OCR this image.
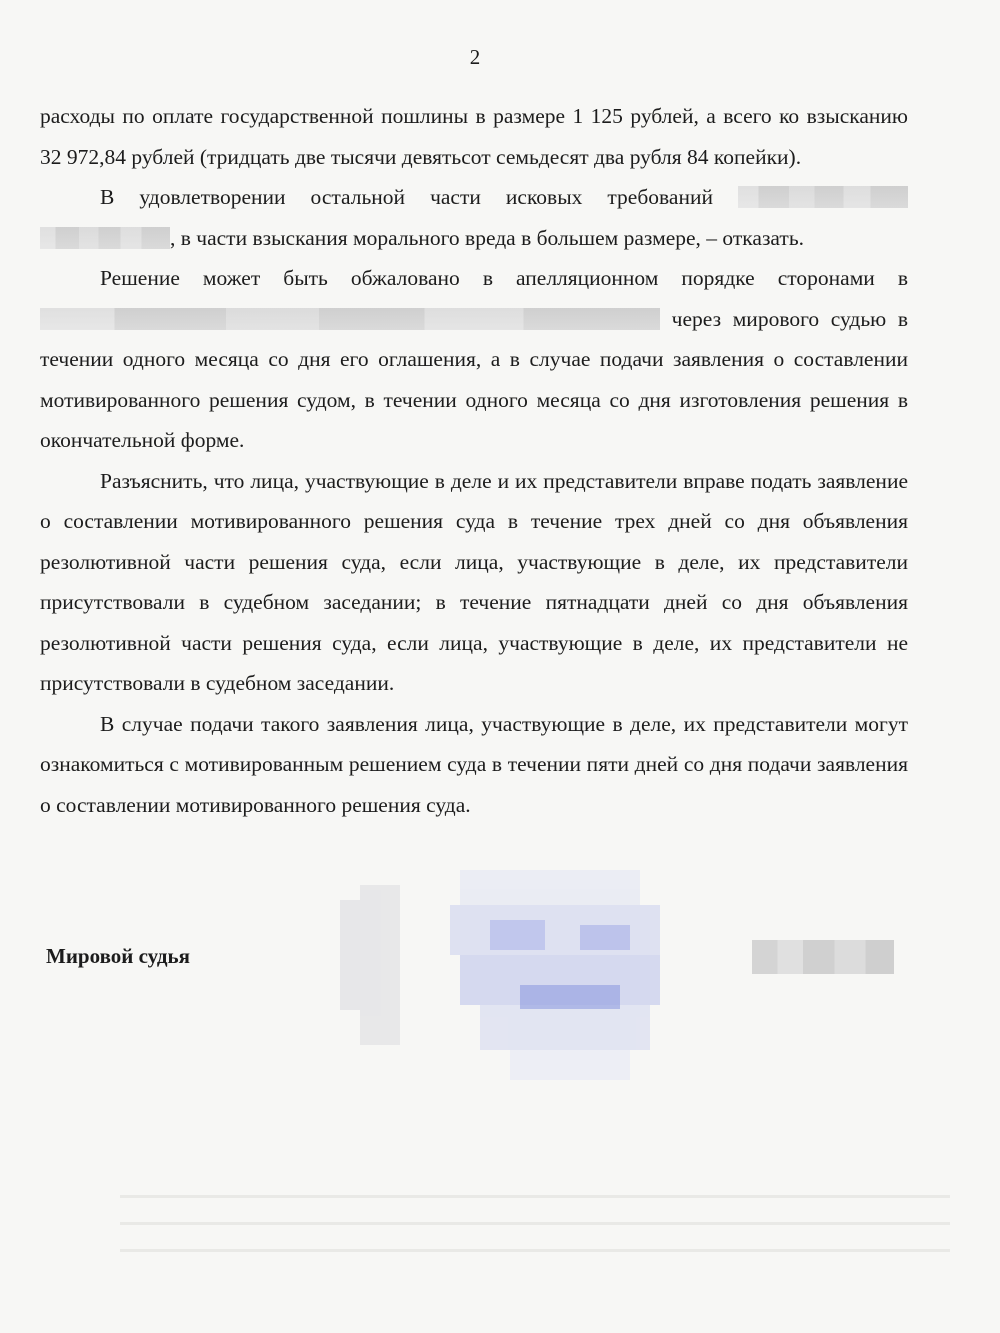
2

расходы по оплате государственной пошлины в размере 1 125 рублей, а всего ко взысканию 32 972,84 рублей (тридцать две тысячи девятьсот семьдесят два рубля 84 копейки).

В удовлетворении остальной части исковых требований  , в части взыскания морального вреда в большем размере, – отказать.

Решение может быть обжаловано в апелляционном порядке сторонами в  через мирового судью в течении одного месяца со дня его оглашения, а в случае подачи заявления о составлении мотивированного решения судом, в течении одного месяца со дня изготовления решения в окончательной форме.

Разъяснить, что лица, участвующие в деле и их представители вправе подать заявление о составлении мотивированного решения суда в течение трех дней со дня объявления резолютивной части решения суда, если лица, участвующие в деле, их представители присутствовали в судебном заседании; в течение пятнадцати дней со дня объявления резолютивной части решения суда, если лица, участвующие в деле, их представители не присутствовали в судебном заседании.

В случае подачи такого заявления лица, участвующие в деле, их представители могут ознакомиться с мотивированным решением суда в течении пяти дней со дня подачи заявления о составлении мотивированного решения суда.

Мировой судья
